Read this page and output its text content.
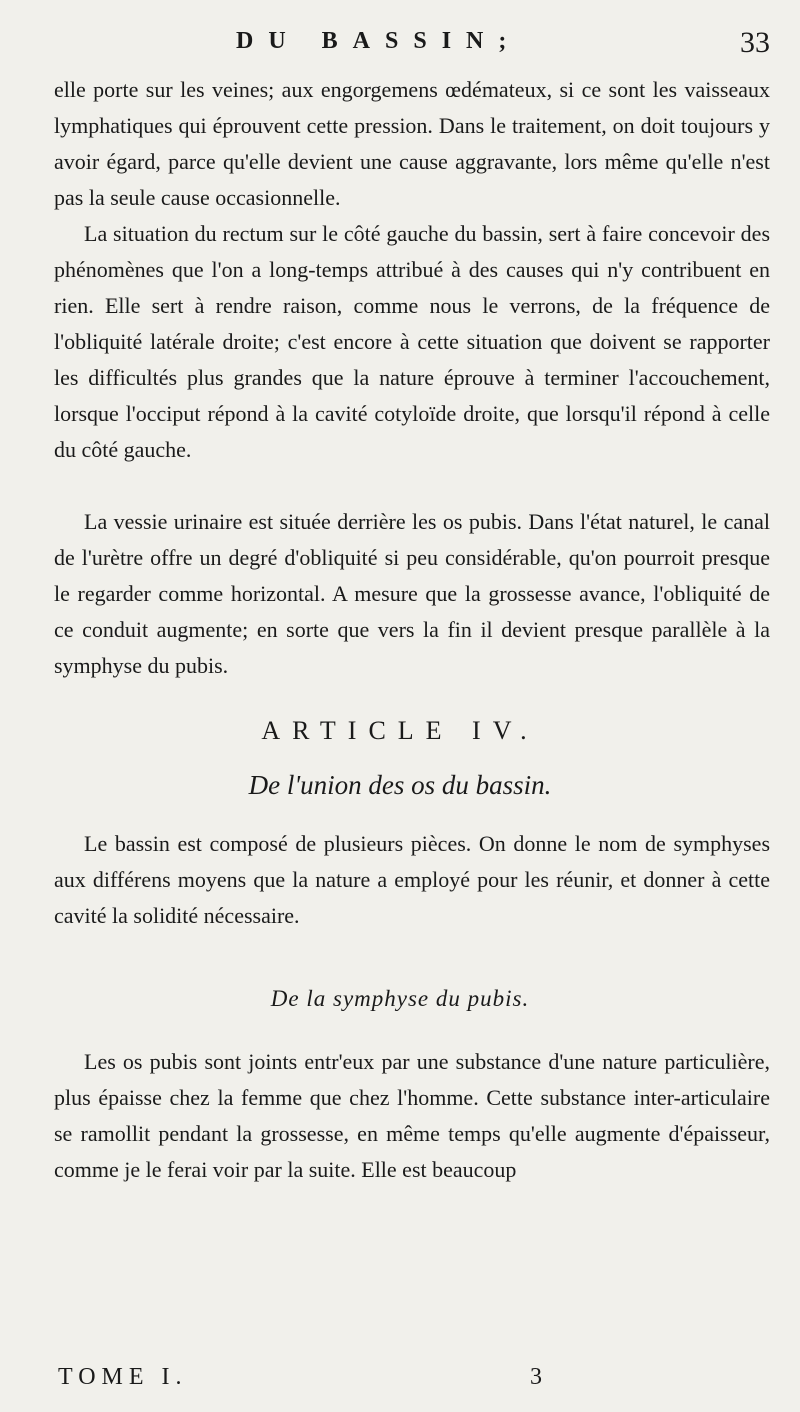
DU BASSIN;	33

elle porte sur les veines; aux engorgemens œdémateux, si ce sont les vaisseaux lymphatiques qui éprouvent cette pression. Dans le traitement, on doit toujours y avoir égard, parce qu'elle devient une cause aggravante, lors même qu'elle n'est pas la seule cause occasionnelle.

La situation du rectum sur le côté gauche du bassin, sert à faire concevoir des phénomènes que l'on a long-temps attribué à des causes qui n'y contribuent en rien. Elle sert à rendre raison, comme nous le verrons, de la fréquence de l'obliquité latérale droite; c'est encore à cette situation que doivent se rapporter les difficultés plus grandes que la nature éprouve à terminer l'accouchement, lorsque l'occiput répond à la cavité cotyloïde droite, que lorsqu'il répond à celle du côté gauche.

La vessie urinaire est située derrière les os pubis. Dans l'état naturel, le canal de l'urètre offre un degré d'obliquité si peu considérable, qu'on pourroit presque le regarder comme horizontal. A mesure que la grossesse avance, l'obliquité de ce conduit augmente; en sorte que vers la fin il devient presque parallèle à la symphyse du pubis.

ARTICLE IV.
De l'union des os du bassin.

Le bassin est composé de plusieurs pièces. On donne le nom de symphyses aux différens moyens que la nature a employé pour les réunir, et donner à cette cavité la solidité nécessaire.

De la symphyse du pubis.

Les os pubis sont joints entr'eux par une substance d'une nature particulière, plus épaisse chez la femme que chez l'homme. Cette substance inter-articulaire se ramollit pendant la grossesse, en même temps qu'elle augmente d'épaisseur, comme je le ferai voir par la suite. Elle est beaucoup

TOME I.	3
